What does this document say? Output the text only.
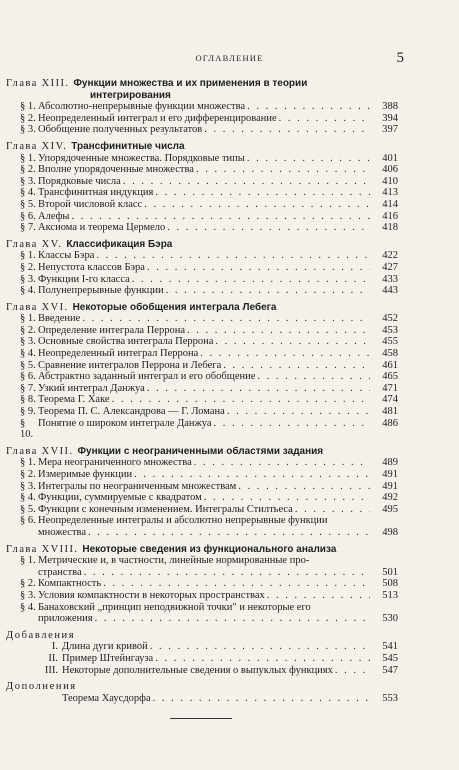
ОГЛАВЛЕНИЕ	5
Глава XIII. Функции множества и их применения в теории
интегрирования
§ 1. Абсолютно-непрерывные функции множества . . .	388
§ 2. Неопределенный интеграл и его дифференцирование . . .	394
§ 3. Обобщение полученных результатов . . .	397
Глава XIV. Трансфинитные числа
§ 1. Упорядоченные множества. Порядковые типы . . .	401
§ 2. Вполне упорядоченные множества . . .	406
§ 3. Порядковые числа . . .	410
§ 4. Трансфинитная индукция . . .	413
§ 5. Второй числовой класс . . .	414
§ 6. Алефы . . .	416
§ 7. Аксиома и теорема Цермело . . .	418
Глава XV. Классификация Бэра
§ 1. Классы Бэра . . .	422
§ 2. Непустота классов Бэра . . .	427
§ 3. Функции I-го класса . . .	433
§ 4. Полунепрерывные функции . . .	443
Глава XVI. Некоторые обобщения интеграла Лебега
§ 1. Введение . . .	452
§ 2. Определение интеграла Перрона . . .	453
§ 3. Основные свойства интеграла Перрона . . .	455
§ 4. Неопределенный интеграл Перрона . . .	458
§ 5. Сравнение интегралов Перрона и Лебега . . .	461
§ 6. Абстрактно заданный интеграл и его обобщение . . .	465
§ 7. Узкий интеграл Данжуа . . .	471
§ 8. Теорема Г. Хаке . . .	474
§ 9. Теорема П. С. Александрова — Г. Ломана . . .	481
§ 10.
Понятие о широком интеграле Данжуа . . .	486
Глава XVII. Функции с неограниченными областями задания
§ 1. Мера неограниченного множества . . .	489
§ 2. Измеримые функции . . .	491
§ 3. Интегралы по неограниченным множествам . . .	491
§ 4. Функции, суммируемые с квадратом . . .	492
§ 5. Функции с конечным изменением. Интегралы Стилтьеса . . .	495
§ 6. Неопределенные интегралы и абсолютно непрерывные функции
множества . . .	498
Глава XVIII. Некоторые сведения из функционального анализа
§ 1. Метрические и, в частности, линейные нормированные про-
странства . . .	501
§ 2. Компактность . . .	508
§ 3. Условия компактности в некоторых пространствах . . .	513
§ 4. Банаховский „принцип неподвижной точки" и некоторые его
приложения . . .	530
Добавления
I. Длина дуги кривой . . .	541
II. Пример Штейнгауза . . .	545
III. Некоторые дополнительные сведения о выпуклых функциях . . .	547
Дополнения
Теорема Хаусдорфа . . .	553
